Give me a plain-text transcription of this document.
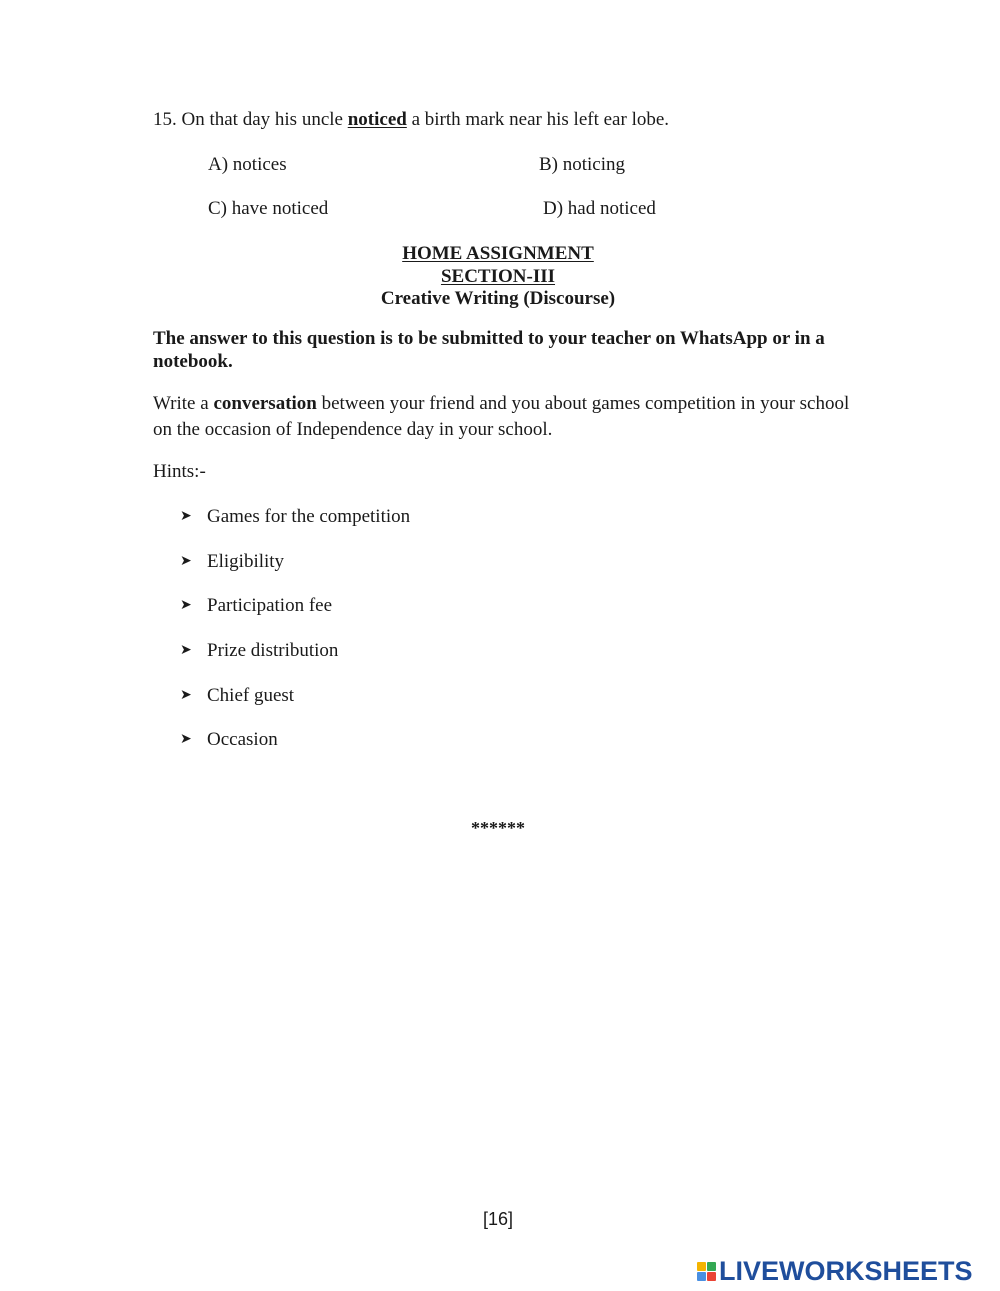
15. On that day his uncle noticed a birth mark near his left ear lobe.
A) notices	B) noticing
C) have noticed	D) had noticed
HOME ASSIGNMENT
SECTION-III
Creative Writing (Discourse)
The answer to this question is to be submitted to your teacher on WhatsApp or in a notebook.
Write a conversation between your friend and you about games competition in your school on the occasion of Independence day in your school.
Hints:-
➤ Games for the competition
➤ Eligibility
➤ Participation fee
➤ Prize distribution
➤ Chief guest
➤ Occasion
******
[16]
LIVEWORKSHEETS
